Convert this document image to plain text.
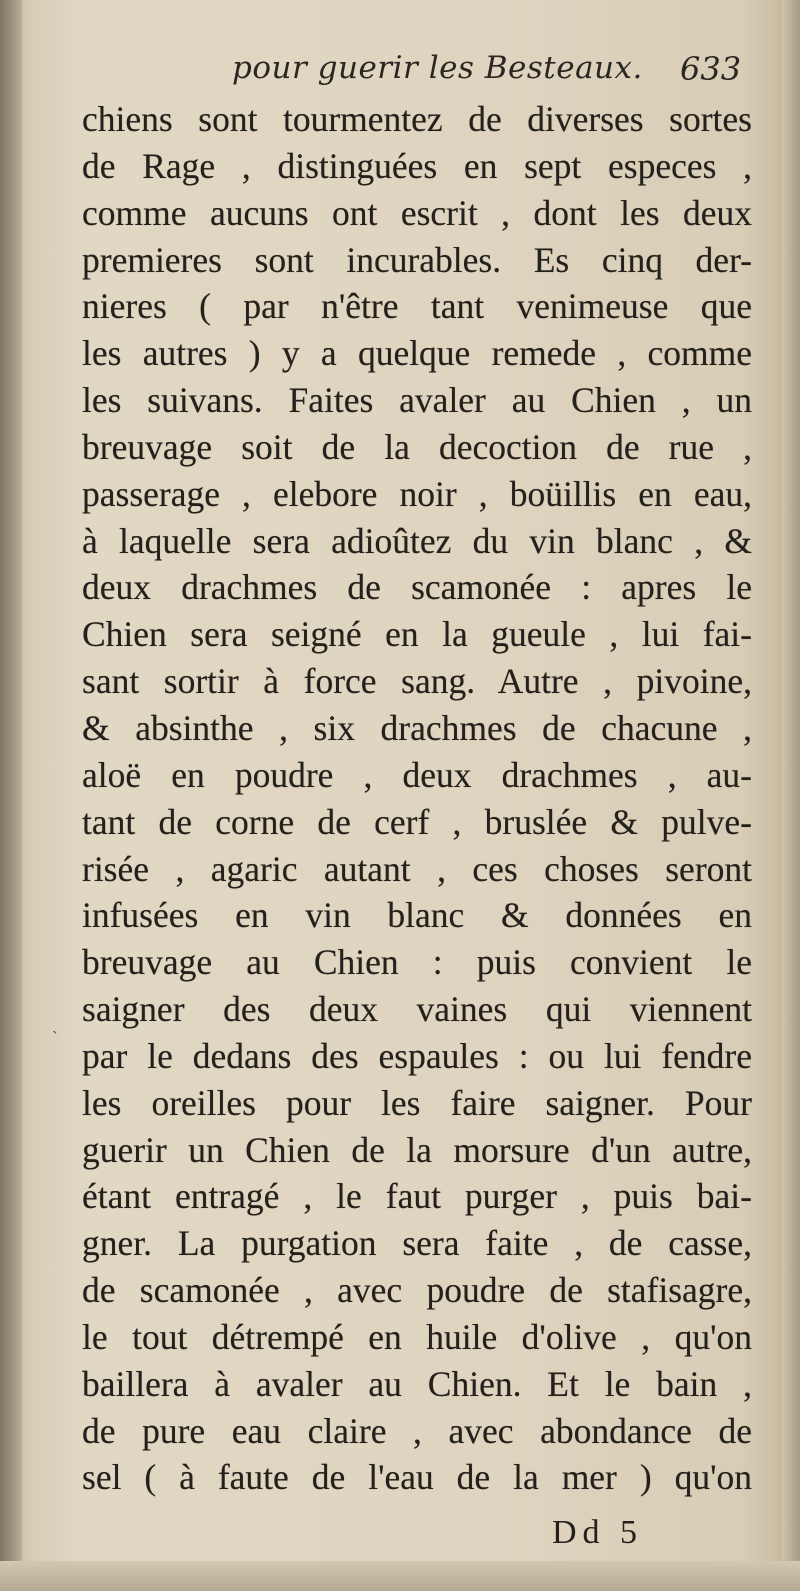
pour guerir les Besteaux. 633
chiens sont tourmentez de diverses sortes
de Rage , distinguées en sept especes ,
comme aucuns ont escrit , dont les deux
premieres sont incurables. Es cinq der-
nieres ( par n'être tant venimeuse que
les autres ) y a quelque remede , comme
les suivans. Faites avaler au Chien , un
breuvage soit de la decoction de rue ,
passerage , elebore noir , boüillis en eau,
à laquelle sera adioûtez du vin blanc , &
deux drachmes de scamonée : apres le
Chien sera seigné en la gueule , lui fai-
sant sortir à force sang. Autre , pivoine,
& absinthe , six drachmes de chacune ,
aloë en poudre , deux drachmes , au-
tant de corne de cerf , bruslée & pulve-
risée , agaric autant , ces choses seront
infusées en vin blanc & données en
breuvage au Chien : puis convient le
saigner des deux vaines qui viennent
par le dedans des espaules : ou lui fendre
les oreilles pour les faire saigner. Pour
guerir un Chien de la morsure d'un autre,
étant entragé , le faut purger , puis bai-
gner. La purgation sera faite , de casse,
de scamonée , avec poudre de stafisagre,
le tout détrempé en huile d'olive , qu'on
baillera à avaler au Chien. Et le bain ,
de pure eau claire , avec abondance de
sel ( à faute de l'eau de la mer ) qu'on
ˎ
Dd 5
